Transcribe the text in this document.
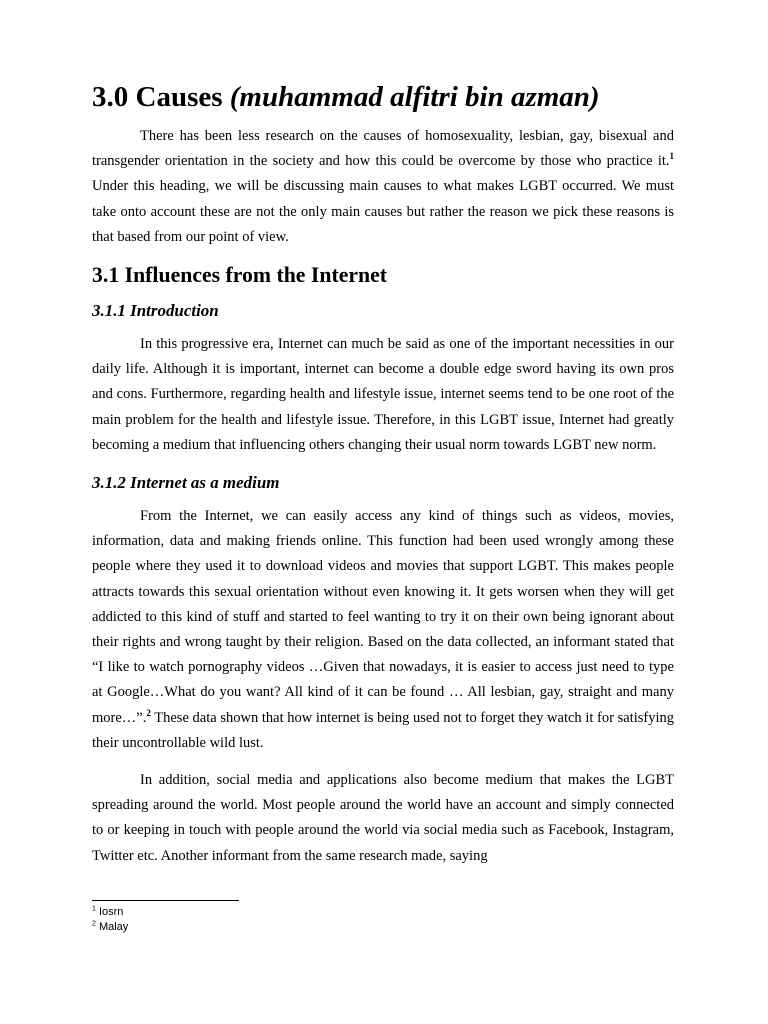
3.0 Causes (muhammad alfitri bin azman)

There has been less research on the causes of homosexuality, lesbian, gay, bisexual and transgender orientation in the society and how this could be overcome by those who practice it.$^1$ Under this heading, we will be discussing main causes to what makes LGBT occurred. We must take onto account these are not the only main causes but rather the reason we pick these reasons is that based from our point of view.

3.1 Influences from the Internet
3.1.1 Introduction

In this progressive era, Internet can much be said as one of the important necessities in our daily life. Although it is important, internet can become a double edge sword having its own pros and cons. Furthermore, regarding health and lifestyle issue, internet seems tend to be one root of the main problem for the health and lifestyle issue. Therefore, in this LGBT issue, Internet had greatly becoming a medium that influencing others changing their usual norm towards LGBT new norm.

3.1.2 Internet as a medium

From the Internet, we can easily access any kind of things such as videos, movies, information, data and making friends online. This function had been used wrongly among these people where they used it to download videos and movies that support LGBT. This makes people attracts towards this sexual orientation without even knowing it. It gets worsen when they will get addicted to this kind of stuff and started to feel wanting to try it on their own being ignorant about their rights and wrong taught by their religion. Based on the data collected, an informant stated that “I like to watch pornography videos …Given that nowadays, it is easier to access just need to type at Google…What do you want? All kind of it can be found … All lesbian, gay, straight and many more…”.$^2$ These data shown that how internet is being used not to forget they watch it for satisfying their uncontrollable wild lust.

In addition, social media and applications also become medium that makes the LGBT spreading around the world. Most people around the world have an account and simply connected to or keeping in touch with people around the world via social media such as Facebook, Instagram, Twitter etc. Another informant from the same research made, saying

$^1$ Iosrn
$^2$ Malay
